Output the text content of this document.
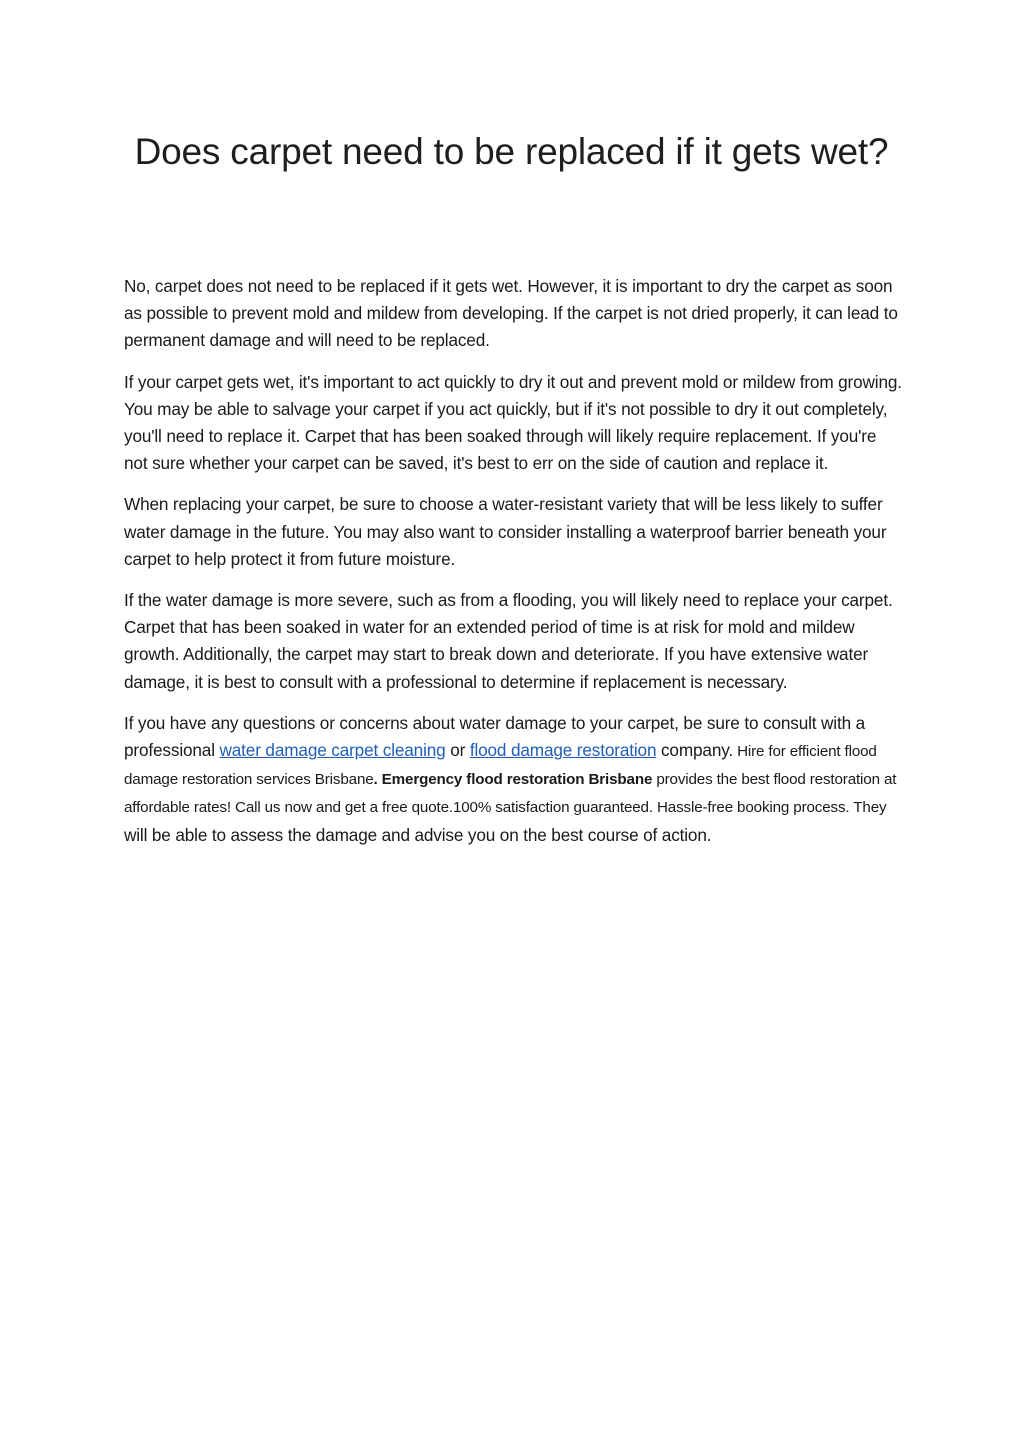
Does carpet need to be replaced if it gets wet?

No, carpet does not need to be replaced if it gets wet. However, it is important to dry the carpet as soon as possible to prevent mold and mildew from developing. If the carpet is not dried properly, it can lead to permanent damage and will need to be replaced.

If your carpet gets wet, it's important to act quickly to dry it out and prevent mold or mildew from growing. You may be able to salvage your carpet if you act quickly, but if it's not possible to dry it out completely, you'll need to replace it. Carpet that has been soaked through will likely require replacement. If you're not sure whether your carpet can be saved, it's best to err on the side of caution and replace it.

When replacing your carpet, be sure to choose a water-resistant variety that will be less likely to suffer water damage in the future. You may also want to consider installing a waterproof barrier beneath your carpet to help protect it from future moisture.

If the water damage is more severe, such as from a flooding, you will likely need to replace your carpet. Carpet that has been soaked in water for an extended period of time is at risk for mold and mildew growth. Additionally, the carpet may start to break down and deteriorate. If you have extensive water damage, it is best to consult with a professional to determine if replacement is necessary.

If you have any questions or concerns about water damage to your carpet, be sure to consult with a professional water damage carpet cleaning or flood damage restoration company. Hire for efficient flood damage restoration services Brisbane. Emergency flood restoration Brisbane provides the best flood restoration at affordable rates! Call us now and get a free quote.100% satisfaction guaranteed. Hassle-free booking process. They will be able to assess the damage and advise you on the best course of action.
